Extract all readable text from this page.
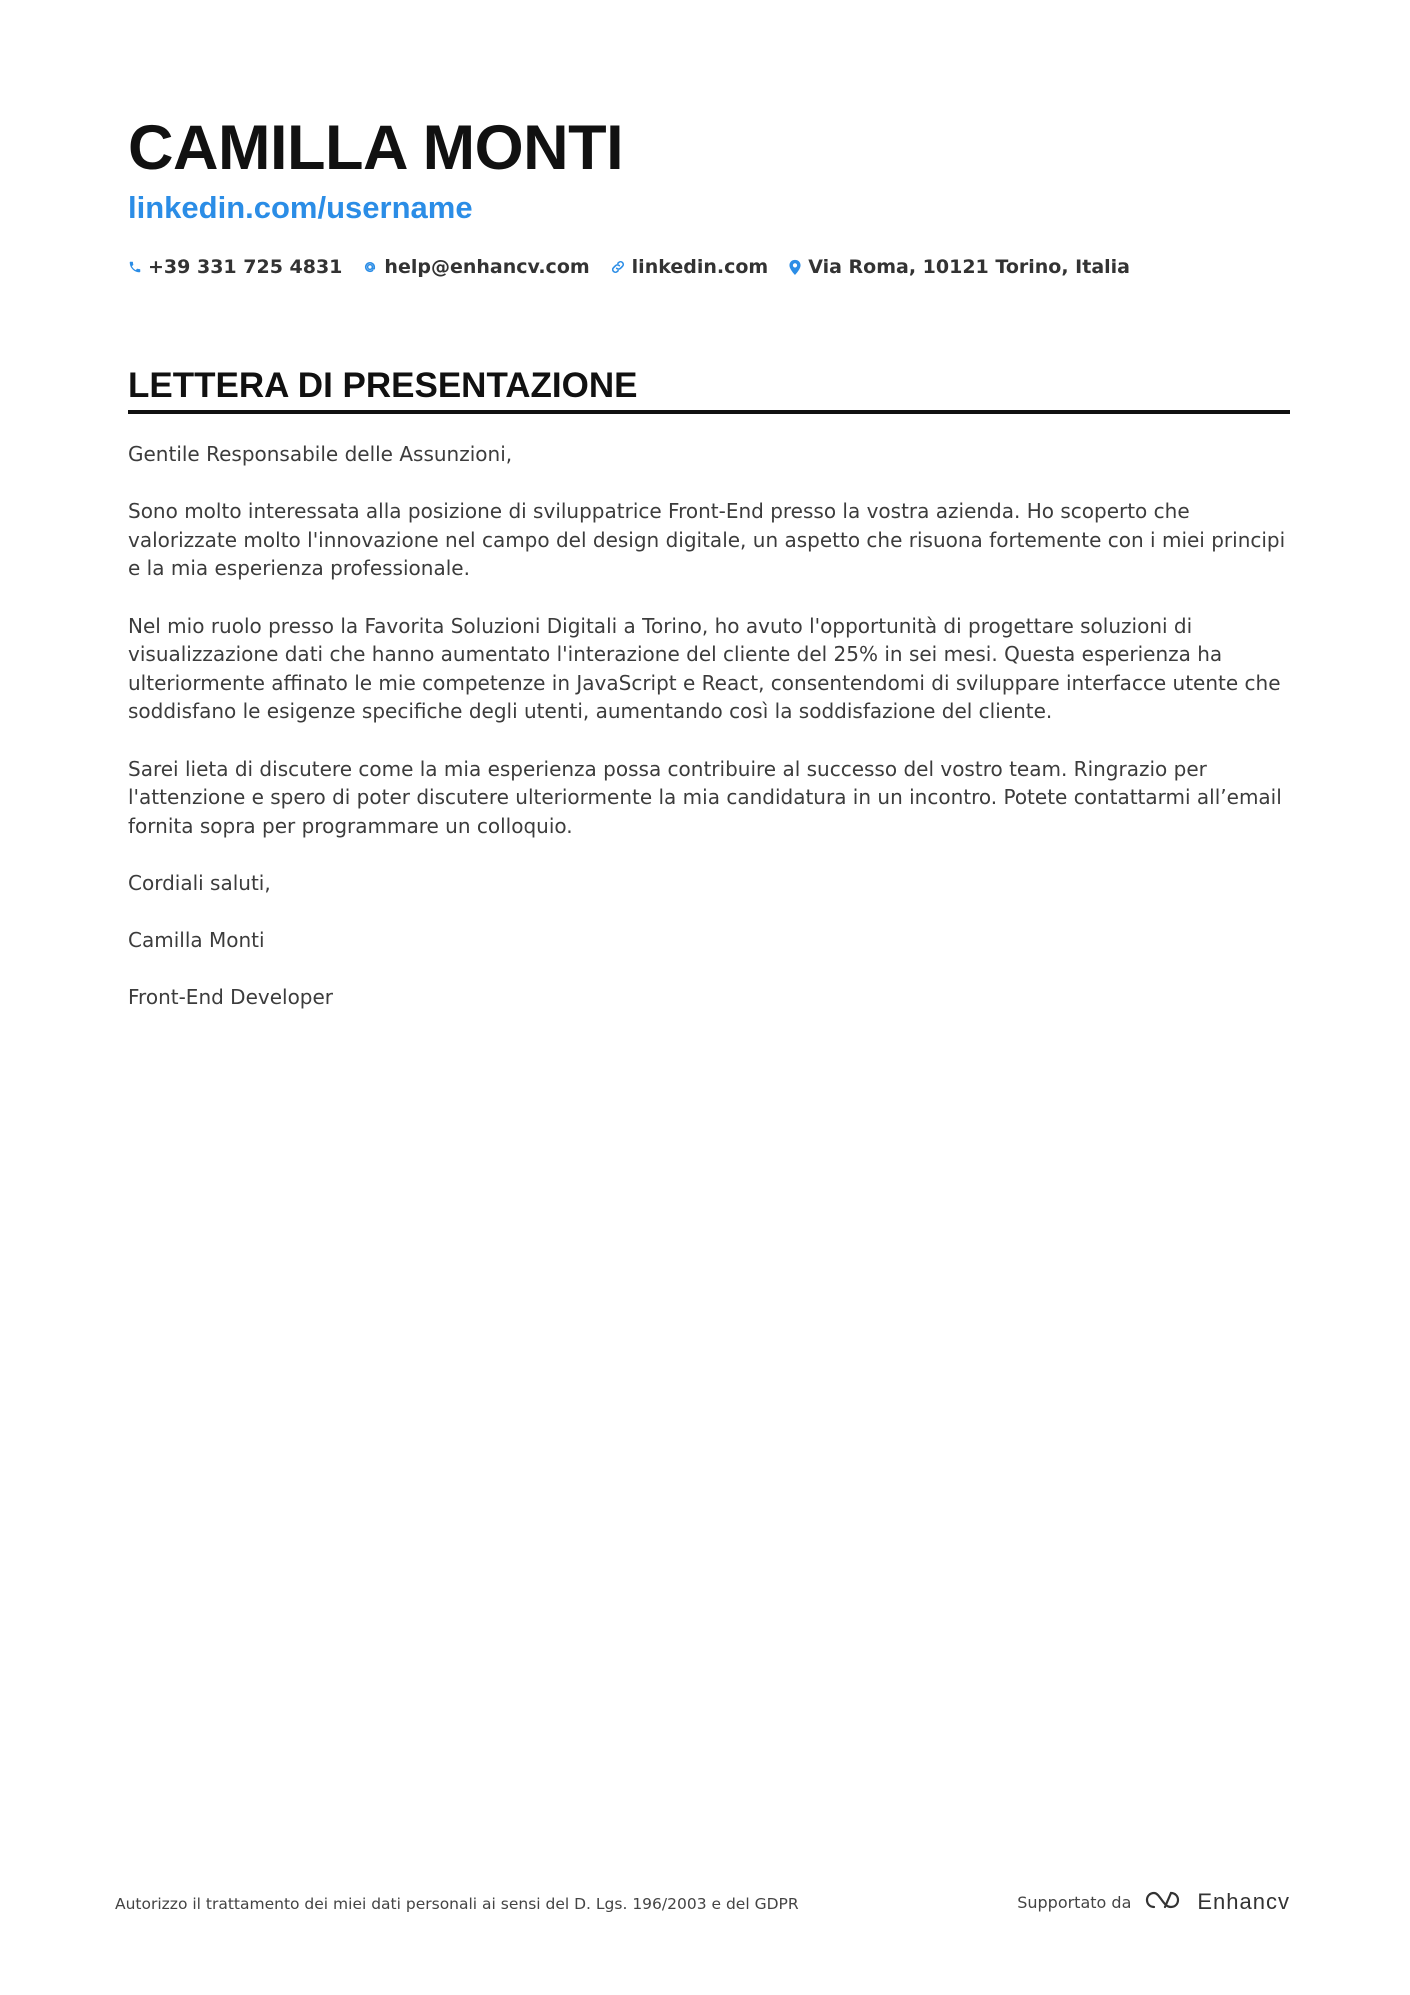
CAMILLA MONTI
linkedin.com/username
+39 331 725 4831 help@enhancv.com linkedin.com Via Roma, 10121 Torino, Italia
LETTERA DI PRESENTAZIONE

Gentile Responsabile delle Assunzioni,

Sono molto interessata alla posizione di sviluppatrice Front-End presso la vostra azienda. Ho scoperto che valorizzate molto l'innovazione nel campo del design digitale, un aspetto che risuona fortemente con i miei principi e la mia esperienza professionale.

Nel mio ruolo presso la Favorita Soluzioni Digitali a Torino, ho avuto l'opportunità di progettare soluzioni di visualizzazione dati che hanno aumentato l'interazione del cliente del 25% in sei mesi. Questa esperienza ha ulteriormente affinato le mie competenze in JavaScript e React, consentendomi di sviluppare interfacce utente che soddisfano le esigenze specifiche degli utenti, aumentando così la soddisfazione del cliente.

Sarei lieta di discutere come la mia esperienza possa contribuire al successo del vostro team. Ringrazio per l'attenzione e spero di poter discutere ulteriormente la mia candidatura in un incontro. Potete contattarmi all’email fornita sopra per programmare un colloquio.

Cordiali saluti,

Camilla Monti

Front-End Developer

Autorizzo il trattamento dei miei dati personali ai sensi del D. Lgs. 196/2003 e del GDPR	Supportato da	Enhancv
